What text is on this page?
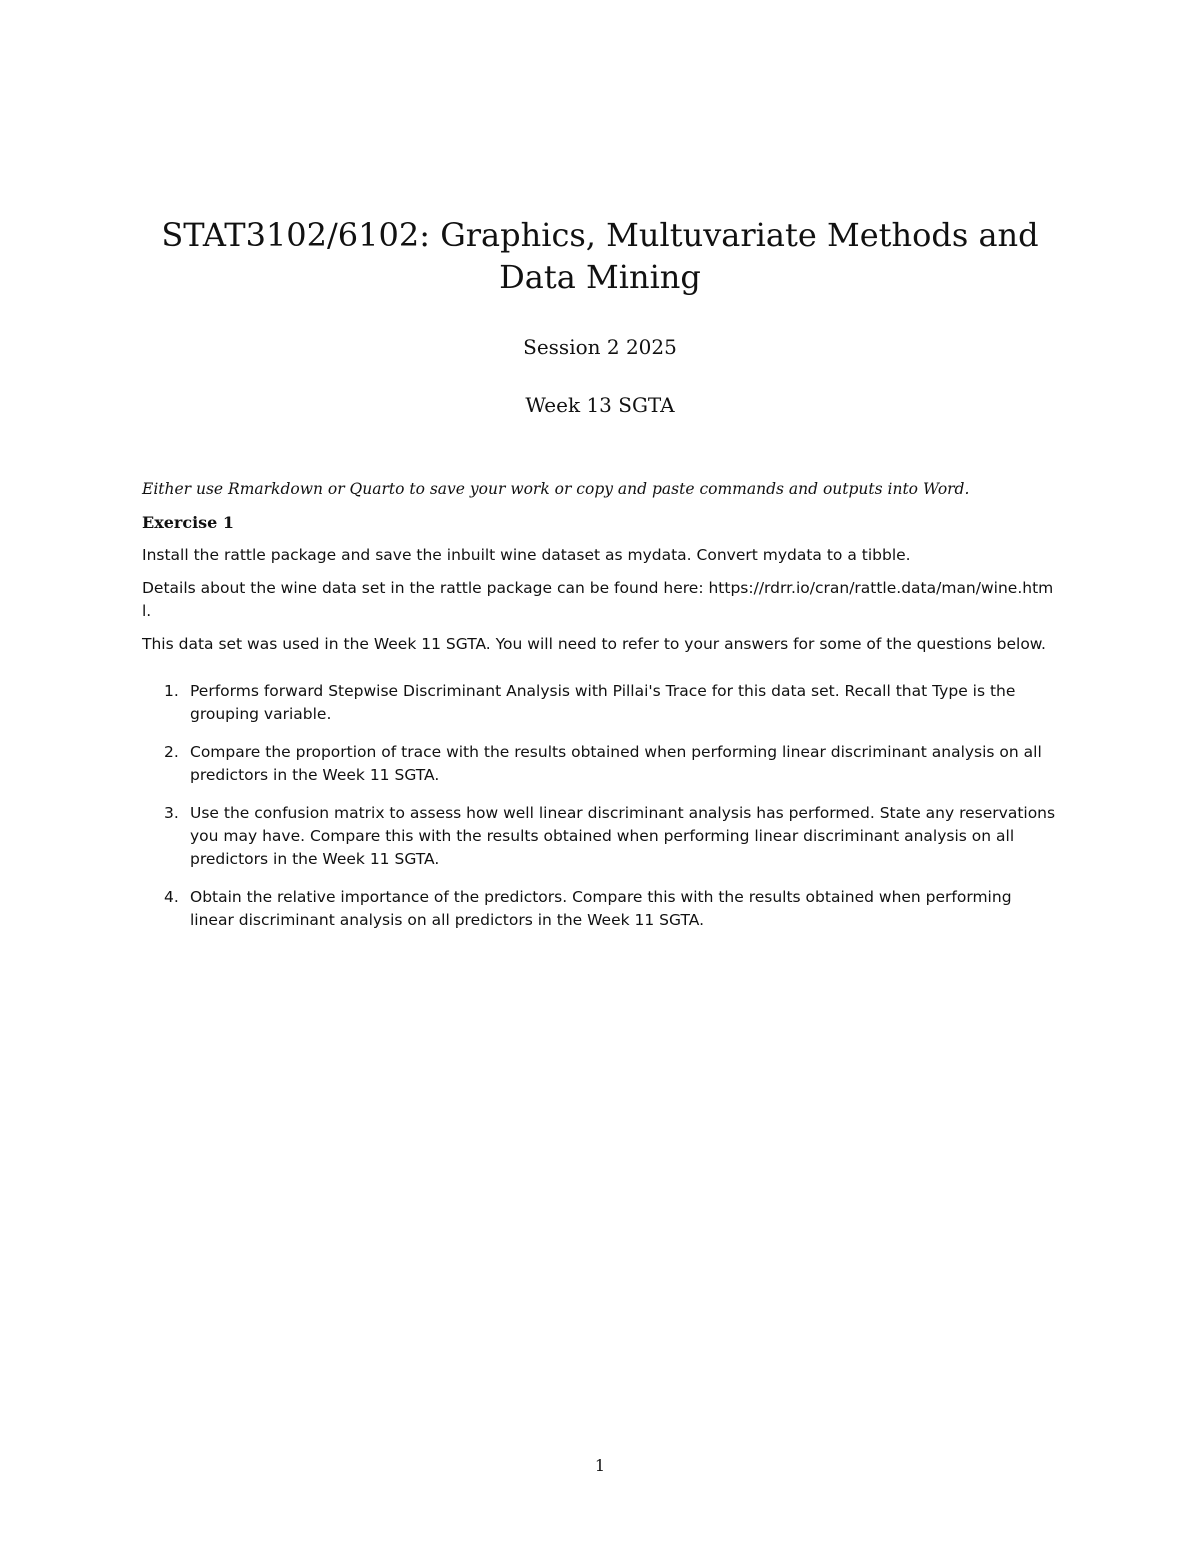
STAT3102/6102: Graphics, Multuvariate Methods and Data Mining
Session 2 2025
Week 13 SGTA

Either use Rmarkdown or Quarto to save your work or copy and paste commands and outputs into Word.

Exercise 1

Install the rattle package and save the inbuilt wine dataset as mydata. Convert mydata to a tibble.

Details about the wine data set in the rattle package can be found here: https://rdrr.io/cran/rattle.data/man/wine.html.

This data set was used in the Week 11 SGTA. You will need to refer to your answers for some of the questions below.

1. Performs forward Stepwise Discriminant Analysis with Pillai's Trace for this data set. Recall that Type is the grouping variable.
2. Compare the proportion of trace with the results obtained when performing linear discriminant analysis on all predictors in the Week 11 SGTA.
3. Use the confusion matrix to assess how well linear discriminant analysis has performed. State any reservations you may have. Compare this with the results obtained when performing linear discriminant analysis on all predictors in the Week 11 SGTA.
4. Obtain the relative importance of the predictors. Compare this with the results obtained when performing linear discriminant analysis on all predictors in the Week 11 SGTA.
1
